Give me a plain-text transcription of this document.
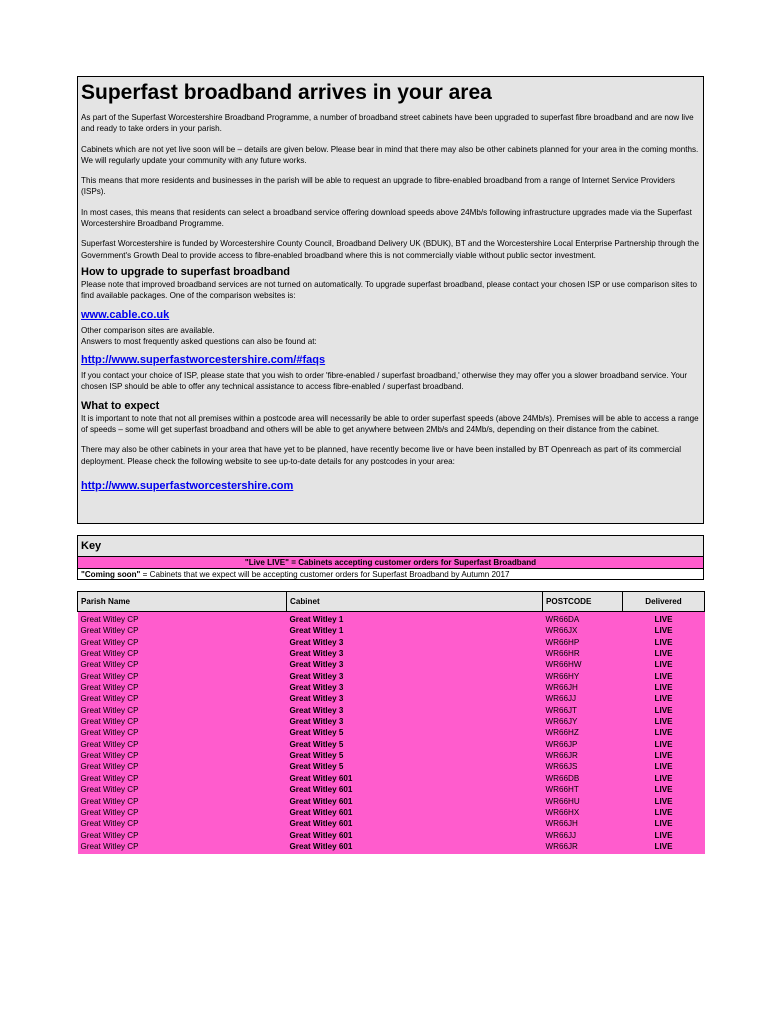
Superfast broadband arrives in your area

As part of the Superfast Worcestershire Broadband Programme, a number of broadband street cabinets have been upgraded to superfast fibre broadband and are now live and ready to take orders in your parish.

Cabinets which are not yet live soon will be – details are given below. Please bear in mind that there may also be other cabinets planned for your area in the coming months. We will regularly update your community with any future works.

This means that more residents and businesses in the parish will be able to request an upgrade to fibre-enabled broadband from a range of Internet Service Providers (ISPs).

In most cases, this means that residents can select a broadband service offering download speeds above 24Mb/s following infrastructure upgrades made via the Superfast Worcestershire Broadband Programme.

Superfast Worcestershire is funded by Worcestershire County Council, Broadband Delivery UK (BDUK), BT and the Worcestershire Local Enterprise Partnership through the Government's Growth Deal to provide access to fibre-enabled broadband where this is not commercially viable without public sector investment.

How to upgrade to superfast broadband

Please note that improved broadband services are not turned on automatically. To upgrade superfast broadband, please contact your chosen ISP or use comparison sites to find available packages. One of the comparison websites is:

www.cable.co.uk

Other comparison sites are available.

Answers to most frequently asked questions can also be found at:

http://www.superfastworcestershire.com/#faqs

If you contact your choice of ISP, please state that you wish to order 'fibre-enabled / superfast broadband,' otherwise they may offer you a slower broadband service. Your chosen ISP should be able to offer any technical assistance to access fibre-enabled / superfast broadband.

What to expect

It is important to note that not all premises within a postcode area will necessarily be able to order superfast speeds (above 24Mb/s). Premises will be able to access a range of speeds – some will get superfast broadband and others will be able to get anywhere between 2Mb/s and 24Mb/s, depending on their distance from the cabinet.

There may also be other cabinets in your area that have yet to be planned, have recently become live or have been installed by BT Openreach as part of its commercial deployment. Please check the following website to see up-to-date details for any postcodes in your area:

http://www.superfastworcestershire.com
Key
"Live LIVE" = Cabinets accepting customer orders for Superfast Broadband
"Coming soon" = Cabinets that we expect will be accepting customer orders for Superfast Broadband by Autumn 2017
Parish Name	Cabinet	POSTCODE	Delivered
Great Witley CP	Great Witley 1	WR66DA	LIVE
Great Witley CP	Great Witley 1	WR66JX	LIVE
Great Witley CP	Great Witley 3	WR66HP	LIVE
Great Witley CP	Great Witley 3	WR66HR	LIVE
Great Witley CP	Great Witley 3	WR66HW	LIVE
Great Witley CP	Great Witley 3	WR66HY	LIVE
Great Witley CP	Great Witley 3	WR66JH	LIVE
Great Witley CP	Great Witley 3	WR66JJ	LIVE
Great Witley CP	Great Witley 3	WR66JT	LIVE
Great Witley CP	Great Witley 3	WR66JY	LIVE
Great Witley CP	Great Witley 5	WR66HZ	LIVE
Great Witley CP	Great Witley 5	WR66JP	LIVE
Great Witley CP	Great Witley 5	WR66JR	LIVE
Great Witley CP	Great Witley 5	WR66JS	LIVE
Great Witley CP	Great Witley 601	WR66DB	LIVE
Great Witley CP	Great Witley 601	WR66HT	LIVE
Great Witley CP	Great Witley 601	WR66HU	LIVE
Great Witley CP	Great Witley 601	WR66HX	LIVE
Great Witley CP	Great Witley 601	WR66JH	LIVE
Great Witley CP	Great Witley 601	WR66JJ	LIVE
Great Witley CP	Great Witley 601	WR66JR	LIVE
